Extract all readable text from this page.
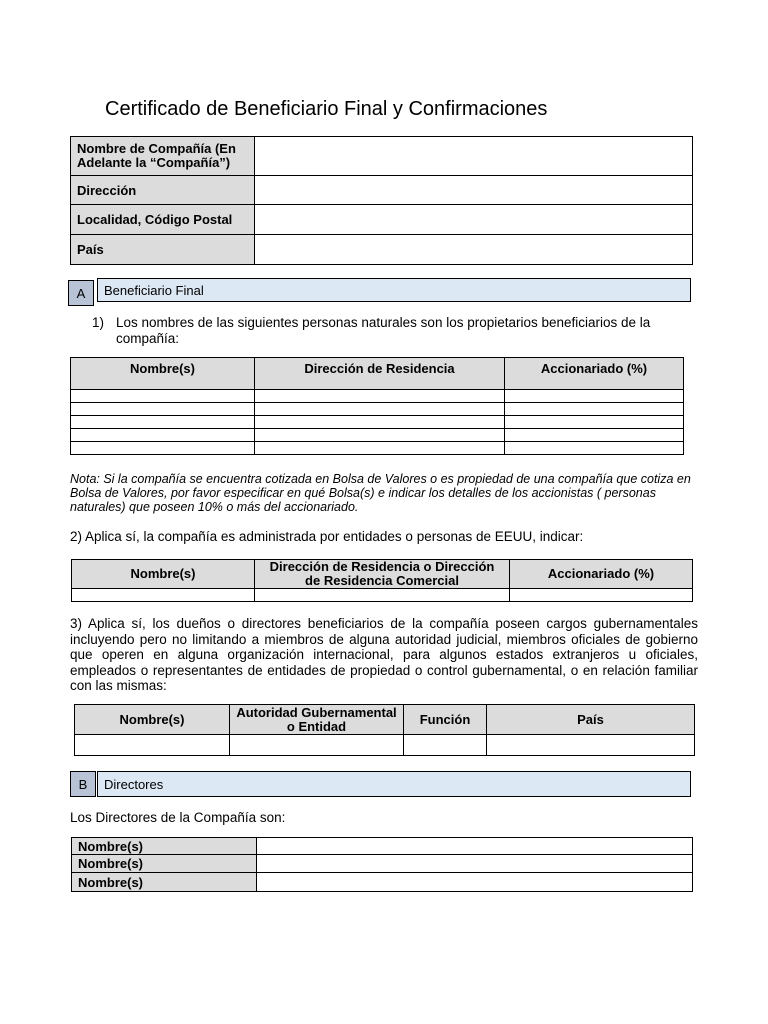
Certificado de Beneficiario Final y Confirmaciones
Nombre de Compañía (En Adelante la “Compañía”)	
Dirección	
Localidad, Código Postal	
País	
A	Beneficiario Final
1) Los nombres de las siguientes personas naturales son los propietarios beneficiarios de la compañía:
Nombre(s)	Dirección de Residencia	Accionariado (%)

Nota: Si la compañía se encuentra cotizada en Bolsa de Valores o es propiedad de una compañía que cotiza en Bolsa de Valores, por favor especificar en qué Bolsa(s) e indicar los detalles de los accionistas ( personas naturales) que poseen 10% o más del accionariado.
2) Aplica sí, la compañía es administrada por entidades o personas de EEUU, indicar:
Nombre(s)	Dirección de Residencia o Dirección de Residencia Comercial	Accionariado (%)

3) Aplica sí, los dueños o directores beneficiarios de la compañía poseen cargos gubernamentales incluyendo pero no limitando a miembros de alguna autoridad judicial, miembros oficiales de gobierno que operen en alguna organización internacional, para algunos estados extranjeros u oficiales, empleados o representantes de entidades de propiedad o control gubernamental, o en relación familiar con las mismas:
Nombre(s)	Autoridad Gubernamental o Entidad	Función	País

B	Directores
Los Directores de la Compañía son:
Nombre(s)	
Nombre(s)	
Nombre(s)	
